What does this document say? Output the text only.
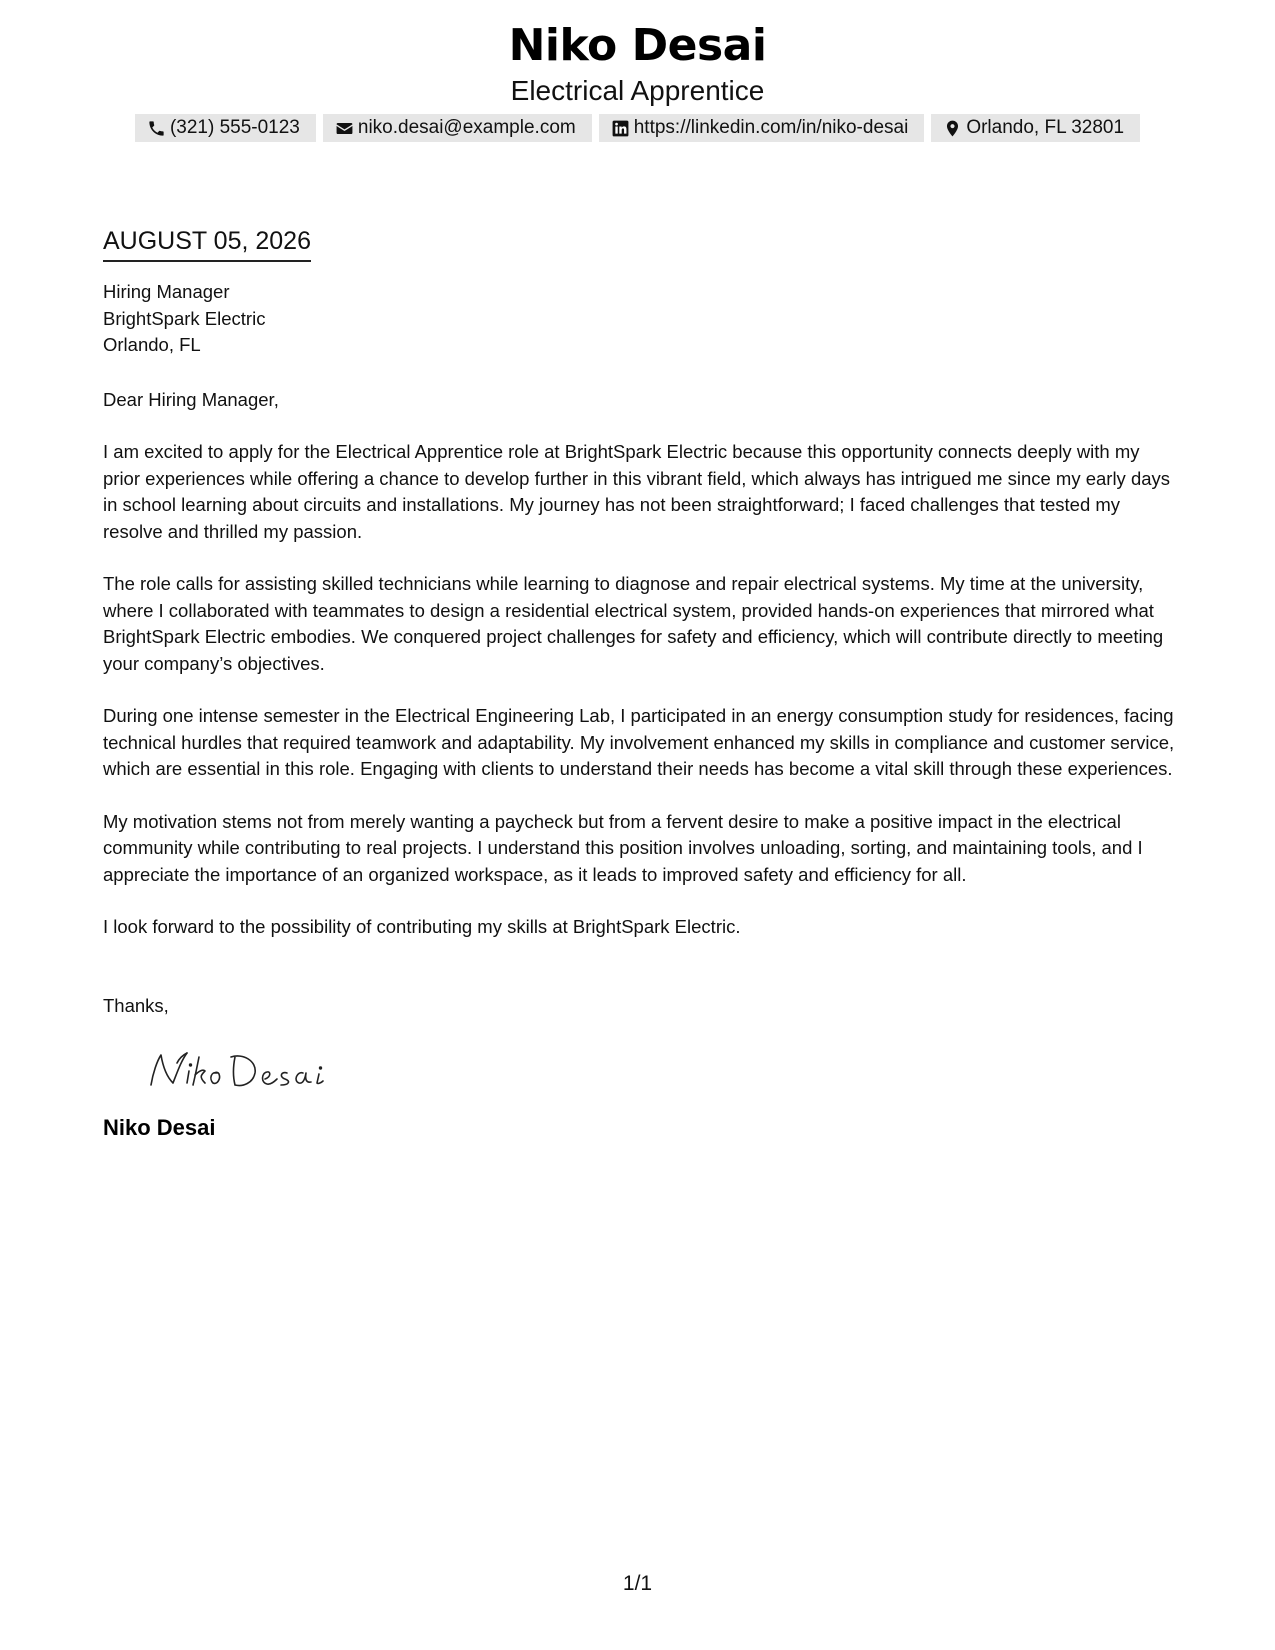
Niko Desai
Electrical Apprentice
(321) 555-0123	niko.desai@example.com	https://linkedin.com/in/niko-desai	Orlando, FL 32801
AUGUST 05, 2026
Hiring Manager
BrightSpark Electric
Orlando, FL

Dear Hiring Manager,

I am excited to apply for the Electrical Apprentice role at BrightSpark Electric because this opportunity connects deeply with my prior experiences while offering a chance to develop further in this vibrant field, which always has intrigued me since my early days in school learning about circuits and installations. My journey has not been straightforward; I faced challenges that tested my resolve and thrilled my passion.

The role calls for assisting skilled technicians while learning to diagnose and repair electrical systems. My time at the university, where I collaborated with teammates to design a residential electrical system, provided hands-on experiences that mirrored what BrightSpark Electric embodies. We conquered project challenges for safety and efficiency, which will contribute directly to meeting your company’s objectives.

During one intense semester in the Electrical Engineering Lab, I participated in an energy consumption study for residences, facing technical hurdles that required teamwork and adaptability. My involvement enhanced my skills in compliance and customer service, which are essential in this role. Engaging with clients to understand their needs has become a vital skill through these experiences.

My motivation stems not from merely wanting a paycheck but from a fervent desire to make a positive impact in the electrical community while contributing to real projects. I understand this position involves unloading, sorting, and maintaining tools, and I appreciate the importance of an organized workspace, as it leads to improved safety and efficiency for all.

I look forward to the possibility of contributing my skills at BrightSpark Electric.

Thanks,

Niko Desai
1/1
